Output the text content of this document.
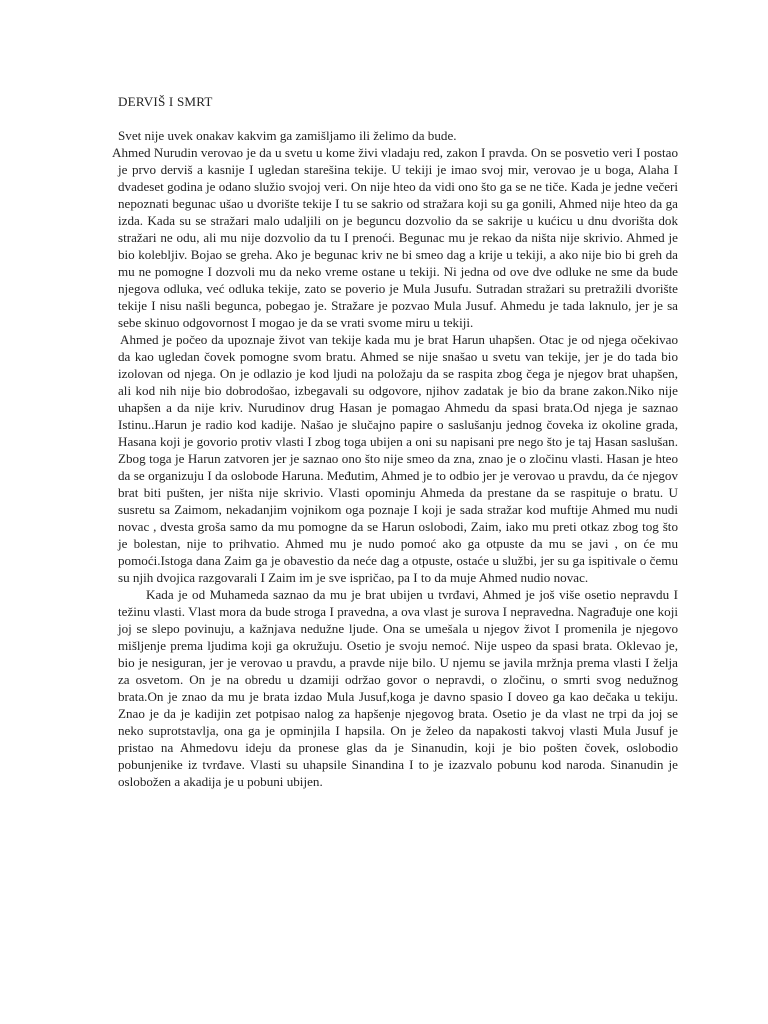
DERVIŠ I SMRT

Svet nije uvek onakav kakvim ga zamišljamo ili želimo da bude.

Ahmed Nurudin verovao je da u svetu u kome živi vladaju red, zakon I pravda. On se posvetio veri I postao je prvo derviš a kasnije I ugledan starešina tekije. U tekiji je imao svoj mir, verovao je u boga, Alaha I dvadeset godina je odano služio svojoj veri. On nije hteo da vidi ono što ga se ne tiče. Kada je jedne večeri nepoznati begunac ušao u dvorište tekije I tu se sakrio od stražara koji su ga gonili, Ahmed nije hteo da ga izda. Kada su se stražari malo udaljili on je beguncu dozvolio da se sakrije u kućicu u dnu dvorišta dok stražari ne odu, ali mu nije dozvolio da tu I prenoći. Begunac mu je rekao da ništa nije skrivio. Ahmed je bio kolebljiv. Bojao se greha. Ako je begunac kriv ne bi smeo dag a krije u tekiji, a ako nije bio bi greh da mu ne pomogne I dozvoli mu da neko vreme ostane u tekiji. Ni jedna od ove dve odluke ne sme da bude njegova odluka, već odluka tekije, zato se poverio je Mula Jusufu. Sutradan stražari su pretražili dvorište tekije I nisu našli begunca, pobegao je. Stražare je pozvao Mula Jusuf. Ahmedu je tada laknulo, jer je sa sebe skinuo odgovornost I mogao je da se vrati svome miru u tekiji.

Ahmed je počeo da upoznaje život van tekije kada mu je brat Harun uhapšen. Otac je od njega očekivao da kao ugledan čovek pomogne svom bratu. Ahmed se nije snašao u svetu van tekije, jer je do tada bio izolovan od njega. On je odlazio je kod ljudi na položaju da se raspita zbog čega je njegov brat uhapšen, ali kod nih nije bio dobrodošao, izbegavali su odgovore, njihov zadatak je bio da brane zakon.Niko nije uhapšen a da nije kriv. Nurudinov drug Hasan je pomagao Ahmedu da spasi brata.Od njega je saznao Istinu..Harun je radio kod kadije. Našao je slučajno papire o saslušanju jednog čoveka iz okoline grada, Hasana koji je govorio protiv vlasti I zbog toga ubijen a oni su napisani pre nego što je taj Hasan saslušan. Zbog toga je Harun zatvoren jer je saznao ono što nije smeo da zna, znao je o zločinu vlasti. Hasan je hteo da se organizuju I da oslobode Haruna. Međutim, Ahmed je to odbio jer je verovao u pravdu, da će njegov brat biti pušten, jer ništa nije skrivio. Vlasti opominju Ahmeda da prestane da se raspituje o bratu. U susretu sa Zaimom, nekadanjim vojnikom oga poznaje I koji je sada stražar kod muftije Ahmed mu nudi novac , dvesta groša samo da mu pomogne da se Harun oslobodi, Zaim, iako mu preti otkaz zbog tog što je bolestan, nije to prihvatio. Ahmed mu je nudo pomoć ako ga otpuste da mu se javi , on će mu pomoći.Istoga dana Zaim ga je obavestio da neće dag a otpuste, ostaće u službi, jer su ga ispitivale o čemu su njih dvojica razgovarali I Zaim im je sve ispričao, pa I to da muje Ahmed nudio novac.

Kada je od Muhameda saznao da mu je brat ubijen u tvrđavi, Ahmed je još više osetio nepravdu I težinu vlasti. Vlast mora da bude stroga I pravedna, a ova vlast je surova I nepravedna. Nagrađuje one koji joj se slepo povinuju, a kažnjava nedužne ljude. Ona se umešala u njegov život I promenila je njegovo mišljenje prema ljudima koji ga okružuju. Osetio je svoju nemoć. Nije uspeo da spasi brata. Oklevao je, bio je nesiguran, jer je verovao u pravdu, a pravde nije bilo. U njemu se javila mržnja prema vlasti I želja za osvetom. On je na obredu u dzamiji održao govor o nepravdi, o zločinu, o smrti svog nedužnog brata.On je znao da mu je brata izdao Mula Jusuf,koga je davno spasio I doveo ga kao dečaka u tekiju. Znao je da je kadijin zet potpisao nalog za hapšenje njegovog brata. Osetio je da vlast ne trpi da joj se neko suprotstavlja, ona ga je opminjila I hapsila. On je želeo da napakosti takvoj vlasti Mula Jusuf je pristao na Ahmedovu ideju da pronese glas da je Sinanudin, koji je bio pošten čovek, oslobodio pobunjenike iz tvrđave. Vlasti su uhapsile Sinandina I to je izazvalo pobunu kod naroda. Sinanudin je oslobožen a akadija je u pobuni ubijen.
